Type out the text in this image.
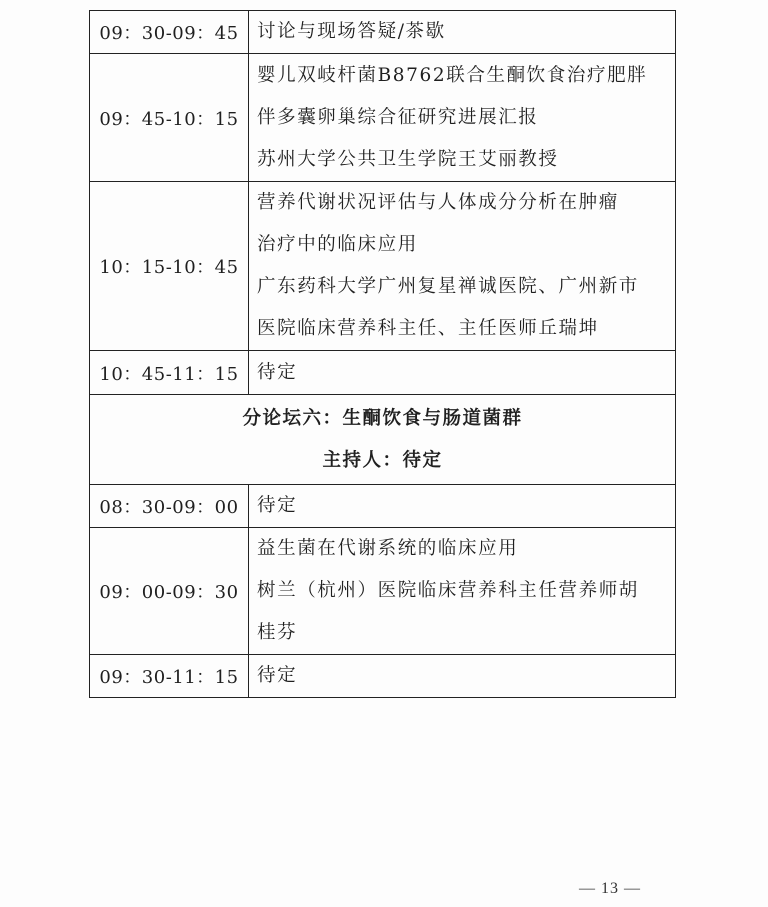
09：30-09：45	讨论与现场答疑/茶歇

09：45-10：15	婴儿双岐杆菌B8762联合生酮饮食治疗肥胖
伴多囊卵巢综合征研究进展汇报
苏州大学公共卫生学院王艾丽教授

10：15-10：45	营养代谢状况评估与人体成分分析在肿瘤
治疗中的临床应用
广东药科大学广州复星禅诚医院、广州新市
医院临床营养科主任、主任医师丘瑞坤

10：45-11：15	待定

分论坛六：生酮饮食与肠道菌群
主持人：待定	

08：30-09：00	待定

09：00-09：30	益生菌在代谢系统的临床应用
树兰（杭州）医院临床营养科主任营养师胡
桂芬

09：30-11：15	待定
— 13 —
